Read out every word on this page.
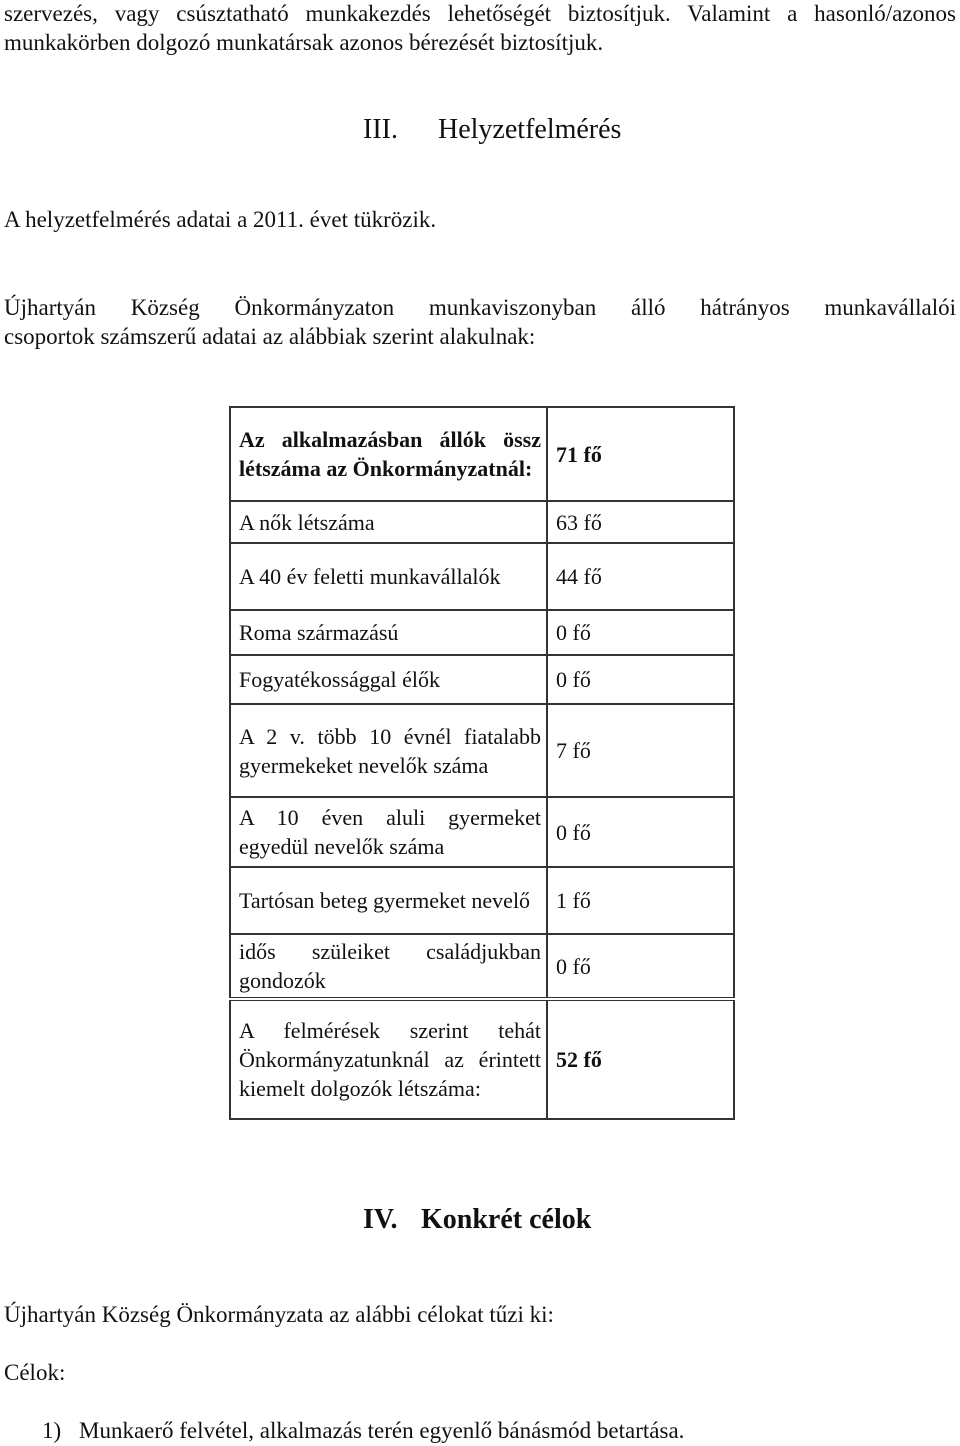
szervezés, vagy csúsztatható munkakezdés lehetőségét biztosítjuk. Valamint a hasonló/azonos
munkakörben dolgozó munkatársak azonos bérezését biztosítjuk.
III. Helyzetfelmérés
A helyzetfelmérés adatai a 2011. évet tükrözik.
Újhartyán Község Önkormányzaton munkaviszonyban álló hátrányos munkavállalói
csoportok számszerű adatai az alábbiak szerint alakulnak:
Az alkalmazásban állók össz létszáma az Önkormányzatnál:	71 fő
A nők létszáma	63 fő
A 40 év feletti munkavállalók	44 fő
Roma származású	0 fő
Fogyatékossággal élők	0 fő
A 2 v. több 10 évnél fiatalabb gyermekeket nevelők száma	7 fő
A 10 éven aluli gyermeket egyedül nevelők száma	0 fő
Tartósan beteg gyermeket nevelő	1 fő
idős szüleiket családjukban gondozók	0 fő
A felmérések szerint tehát Önkormányzatunknál az érintett kiemelt dolgozók létszáma:	52 fő
IV. Konkrét célok
Újhartyán Község Önkormányzata az alábbi célokat tűzi ki:
Célok:
1) Munkaerő felvétel, alkalmazás terén egyenlő bánásmód betartása.
